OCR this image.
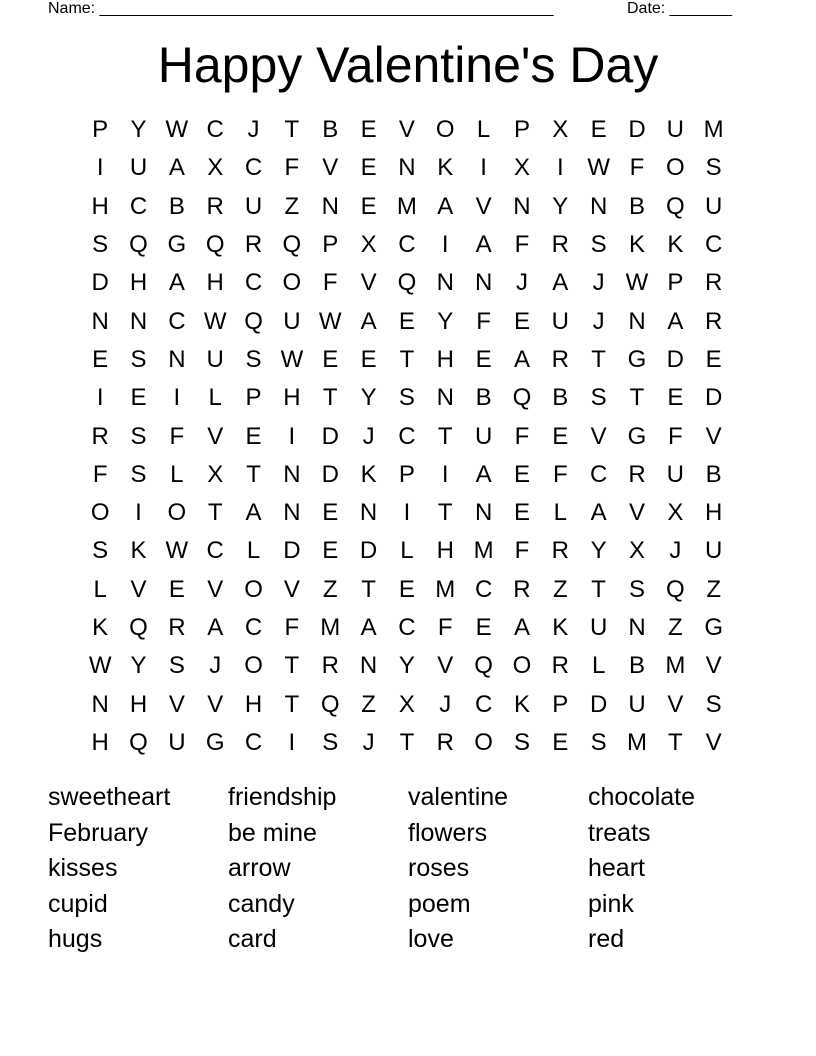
Name: ___________________________________________________	Date: _______
Happy Valentine's Day
P Y W C J	T B E V O L P X E D U M
I	U A X C F V E N K	I	X	I W F O S
H C B R U Z N E M A V N Y N B Q U
S Q G Q R Q P X C	I	A F R S K K C
D H A H C O F V Q N N J	A	J W P R
N N C W Q U W A E Y F E U J N A R
E S N U S W E E T H E A R T G D E
I	E	I	L P H T Y S N B Q B S T E D
R S F V E	I	D J C T U F E V G F V
F S L X T N D K P	I	A E F C R U B
O	I	O T A N E N	I	T N E L A V X H
S K W C L D E D L H M F R Y X	J U
L V E V O V Z T E M C R Z T S Q Z
K Q R A C F M A C F E A K U N Z G
W Y S	J O T R N Y V Q O R L B M V
N H V V H T Q Z X	J C K P D U V S
H Q U G C	I	S	J	T R O S E S M T V
sweetheart	friendship	valentine	chocolate
February	be mine	flowers	treats
kisses	arrow	roses	heart
cupid	candy	poem	pink
hugs	card	love	red
